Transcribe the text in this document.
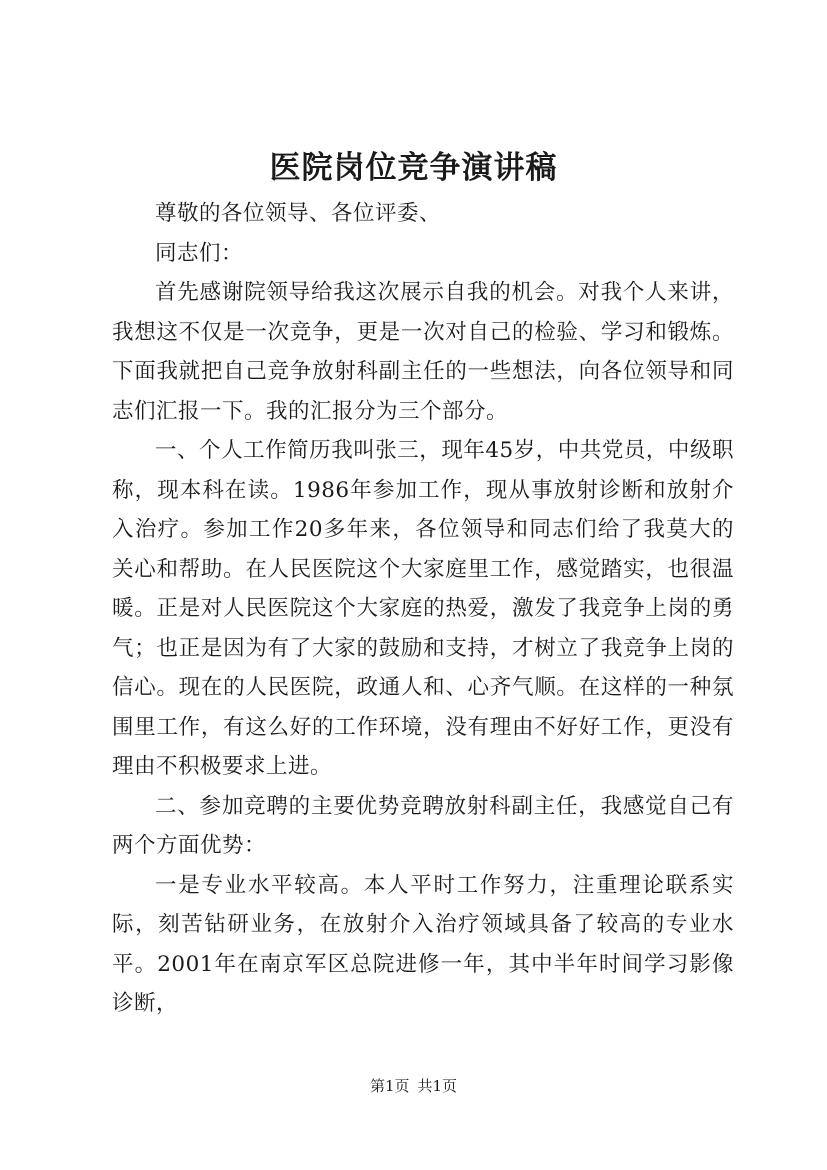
医院岗位竞争演讲稿

尊敬的各位领导、各位评委、

同志们：

首先感谢院领导给我这次展示自我的机会。对我个人来讲，我想这不仅是一次竞争，更是一次对自己的检验、学习和锻炼。下面我就把自己竞争放射科副主任的一些想法，向各位领导和同志们汇报一下。我的汇报分为三个部分。

一、个人工作简历我叫张三，现年45岁，中共党员，中级职称，现本科在读。1986年参加工作，现从事放射诊断和放射介入治疗。参加工作20多年来，各位领导和同志们给了我莫大的关心和帮助。在人民医院这个大家庭里工作，感觉踏实，也很温暖。正是对人民医院这个大家庭的热爱，激发了我竞争上岗的勇气；也正是因为有了大家的鼓励和支持，才树立了我竞争上岗的信心。现在的人民医院，政通人和、心齐气顺。在这样的一种氛围里工作，有这么好的工作环境，没有理由不好好工作，更没有理由不积极要求上进。

二、参加竞聘的主要优势竞聘放射科副主任，我感觉自己有两个方面优势：

一是专业水平较高。本人平时工作努力，注重理论联系实际，刻苦钻研业务，在放射介入治疗领域具备了较高的专业水平。2001年在南京军区总院进修一年，其中半年时间学习影像诊断，

第1页 共1页
